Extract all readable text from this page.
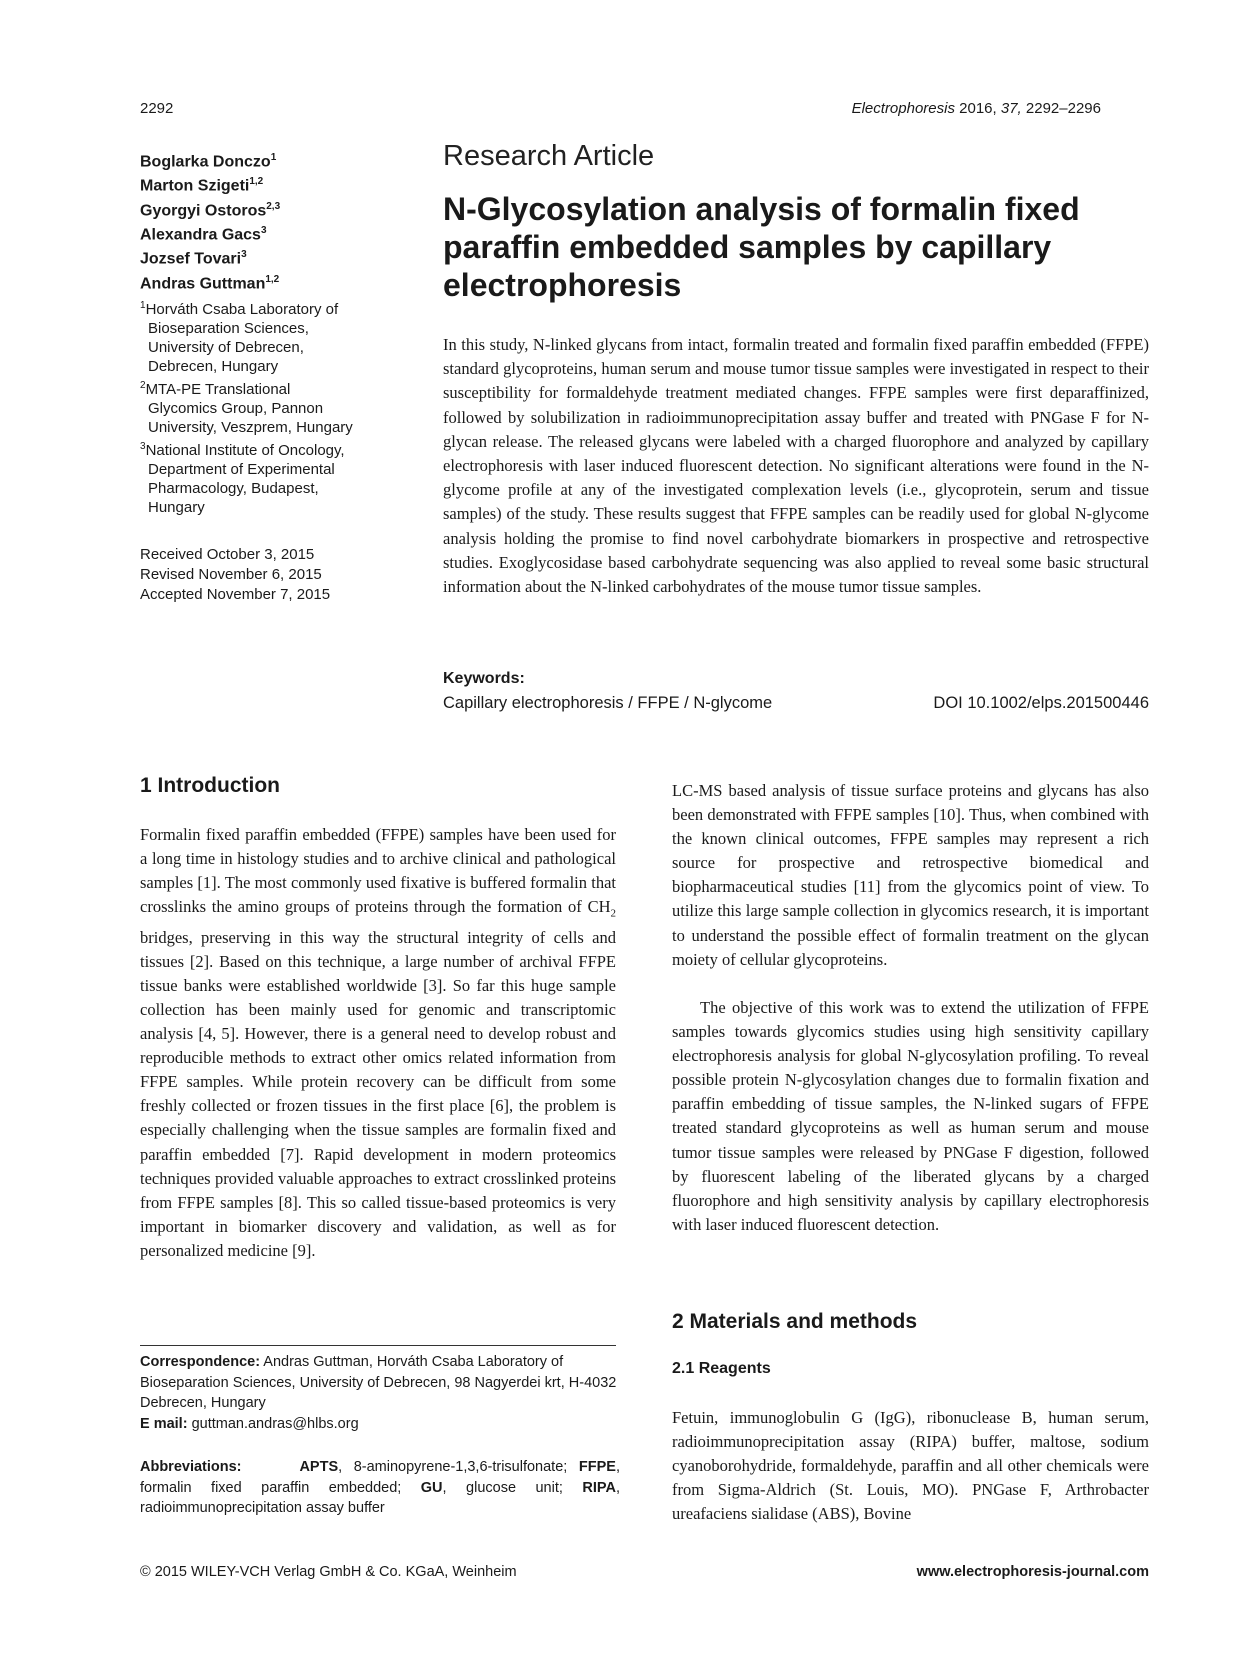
2292	Electrophoresis 2016, 37, 2292–2296
Boglarka Donczo$^1$
Marton Szigeti$^{1,2}$
Gyorgyi Ostoros$^{2,3}$
Alexandra Gacs$^3$
Jozsef Tovari$^3$
Andras Guttman$^{1,2}$
$^1$Horváth Csaba Laboratory of
Bioseparation Sciences,
University of Debrecen,
Debrecen, Hungary
$^2$MTA-PE Translational
Glycomics Group, Pannon
University, Veszprem, Hungary
$^3$National Institute of Oncology,
Department of Experimental
Pharmacology, Budapest,
Hungary
Received October 3, 2015
Revised November 6, 2015
Accepted November 7, 2015
Research Article
N-Glycosylation analysis of formalin fixed paraffin embedded samples by capillary electrophoresis

In this study, N-linked glycans from intact, formalin treated and formalin fixed paraffin embedded (FFPE) standard glycoproteins, human serum and mouse tumor tissue samples were investigated in respect to their susceptibility for formaldehyde treatment mediated changes. FFPE samples were first deparaffinized, followed by solubilization in radioimmunoprecipitation assay buffer and treated with PNGase F for N-glycan release. The released glycans were labeled with a charged fluorophore and analyzed by capillary electrophoresis with laser induced fluorescent detection. No significant alterations were found in the N-glycome profile at any of the investigated complexation levels (i.e., glycoprotein, serum and tissue samples) of the study. These results suggest that FFPE samples can be readily used for global N-glycome analysis holding the promise to find novel carbohydrate biomarkers in prospective and retrospective studies. Exoglycosidase based carbohydrate sequencing was also applied to reveal some basic structural information about the N-linked carbohydrates of the mouse tumor tissue samples.

Keywords:
Capillary electrophoresis / FFPE / N-glycome	DOI 10.1002/elps.201500446
1 Introduction

Formalin fixed paraffin embedded (FFPE) samples have been used for a long time in histology studies and to archive clinical and pathological samples [1]. The most commonly used fixative is buffered formalin that crosslinks the amino groups of proteins through the formation of $CH_2$ bridges, preserving in this way the structural integrity of cells and tissues [2]. Based on this technique, a large number of archival FFPE tissue banks were established worldwide [3]. So far this huge sample collection has been mainly used for genomic and transcriptomic analysis [4, 5]. However, there is a general need to develop robust and reproducible methods to extract other omics related information from FFPE samples. While protein recovery can be difficult from some freshly collected or frozen tissues in the first place [6], the problem is especially challenging when the tissue samples are formalin fixed and paraffin embedded [7]. Rapid development in modern proteomics techniques provided valuable approaches to extract crosslinked proteins from FFPE samples [8]. This so called tissue-based proteomics is very important in biomarker discovery and validation, as well as for personalized medicine [9].

Correspondence: Andras Guttman, Horváth Csaba Laboratory of Bioseparation Sciences, University of Debrecen, 98 Nagyerdei krt, H-4032 Debrecen, Hungary
E mail: guttman.andras@hlbs.org
Abbreviations:	APTS, 8-aminopyrene-1,3,6-trisulfonate; FFPE, formalin fixed paraffin embedded; GU, glucose unit; RIPA, radioimmunoprecipitation assay buffer

LC-MS based analysis of tissue surface proteins and glycans has also been demonstrated with FFPE samples [10]. Thus, when combined with the known clinical outcomes, FFPE samples may represent a rich source for prospective and retrospective biomedical and biopharmaceutical studies [11] from the glycomics point of view. To utilize this large sample collection in glycomics research, it is important to understand the possible effect of formalin treatment on the glycan moiety of cellular glycoproteins.

The objective of this work was to extend the utilization of FFPE samples towards glycomics studies using high sensitivity capillary electrophoresis analysis for global N-glycosylation profiling. To reveal possible protein N-glycosylation changes due to formalin fixation and paraffin embedding of tissue samples, the N-linked sugars of FFPE treated standard glycoproteins as well as human serum and mouse tumor tissue samples were released by PNGase F digestion, followed by fluorescent labeling of the liberated glycans by a charged fluorophore and high sensitivity analysis by capillary electrophoresis with laser induced fluorescent detection.

2 Materials and methods
2.1 Reagents

Fetuin, immunoglobulin G (IgG), ribonuclease B, human serum, radioimmunoprecipitation assay (RIPA) buffer, maltose, sodium cyanoborohydride, formaldehyde, paraffin and all other chemicals were from Sigma-Aldrich (St. Louis, MO). PNGase F, Arthrobacter ureafaciens sialidase (ABS), Bovine

© 2015 WILEY-VCH Verlag GmbH & Co. KGaA, Weinheim	www.electrophoresis-journal.com
